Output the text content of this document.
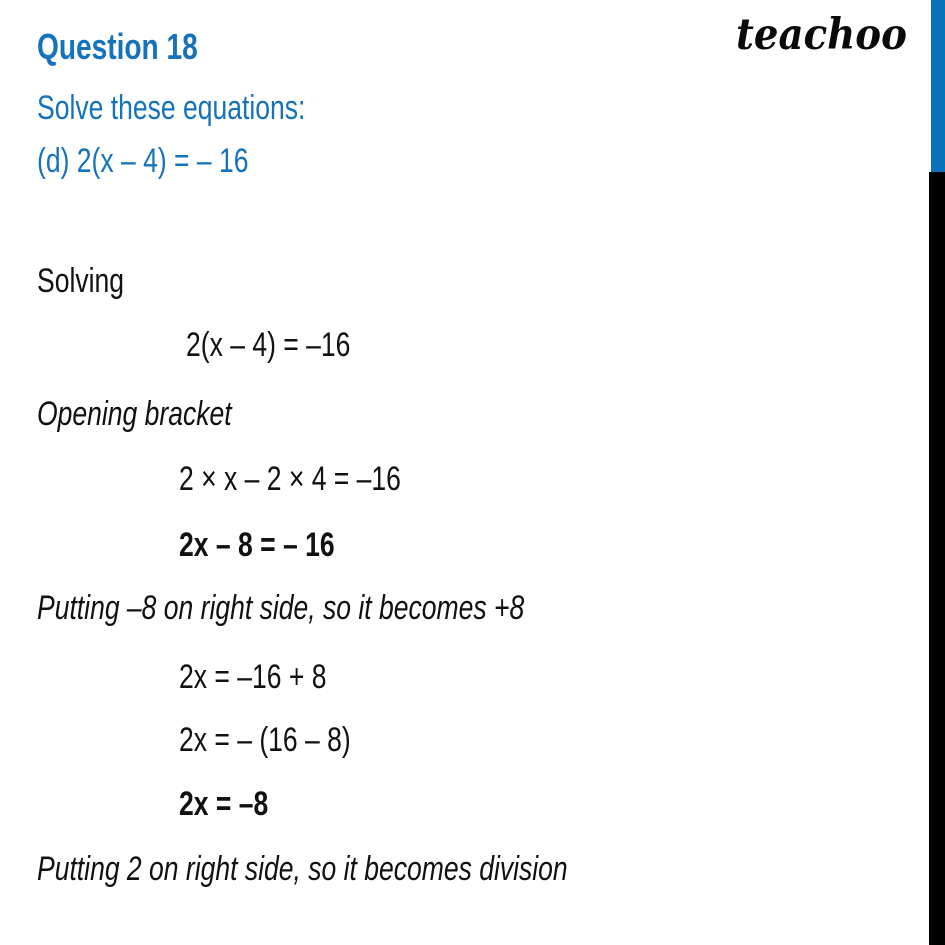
teachoo
Question 18
Solve these equations:
(d) 2(x – 4) = – 16
Solving
2(x – 4) = –16
Opening bracket
2 × x – 2 × 4 = –16
2x – 8 = – 16
Putting –8 on right side, so it becomes +8
2x = –16 + 8
2x = – (16 – 8)
2x = –8
Putting 2 on right side, so it becomes division
